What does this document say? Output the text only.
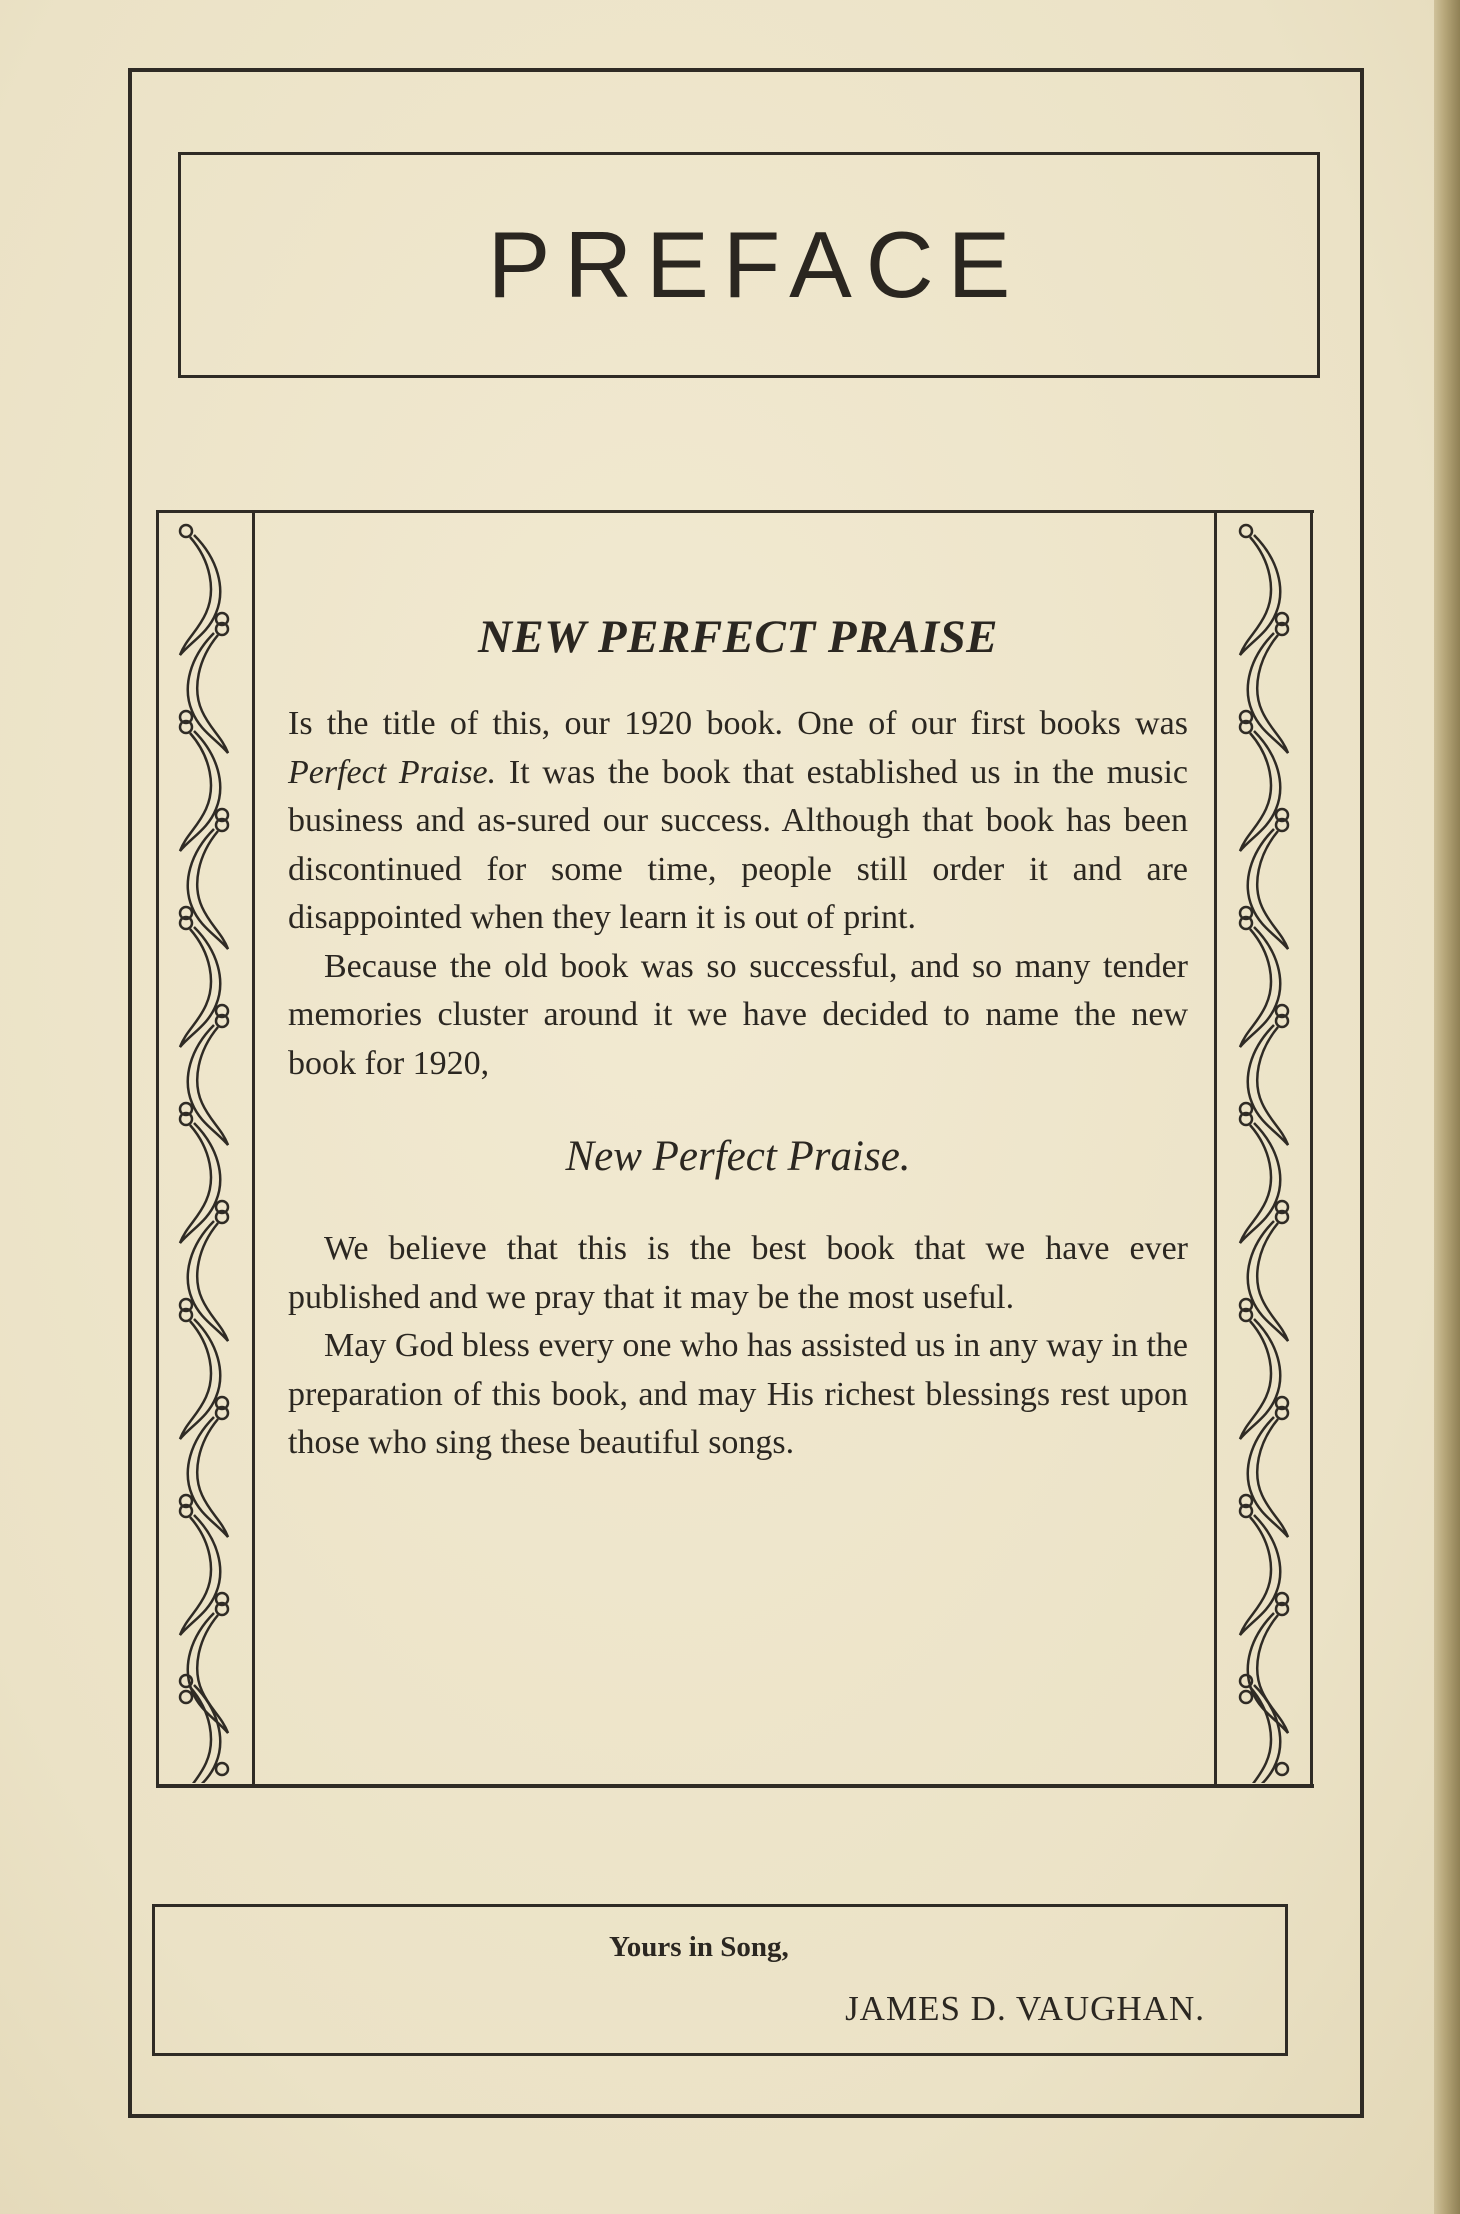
PREFACE
NEW PERFECT PRAISE

Is the title of this, our 1920 book. One of our first books was Perfect Praise. It was the book that established us in the music business and as-sured our success. Although that book has been discontinued for some time, people still order it and are disappointed when they learn it is out of print.

Because the old book was so successful, and so many tender memories cluster around it we have decided to name the new book for 1920,

New Perfect Praise.

We believe that this is the best book that we have ever published and we pray that it may be the most useful.

May God bless every one who has assisted us in any way in the preparation of this book, and may His richest blessings rest upon those who sing these beautiful songs.

Yours in Song,
JAMES D. VAUGHAN.
